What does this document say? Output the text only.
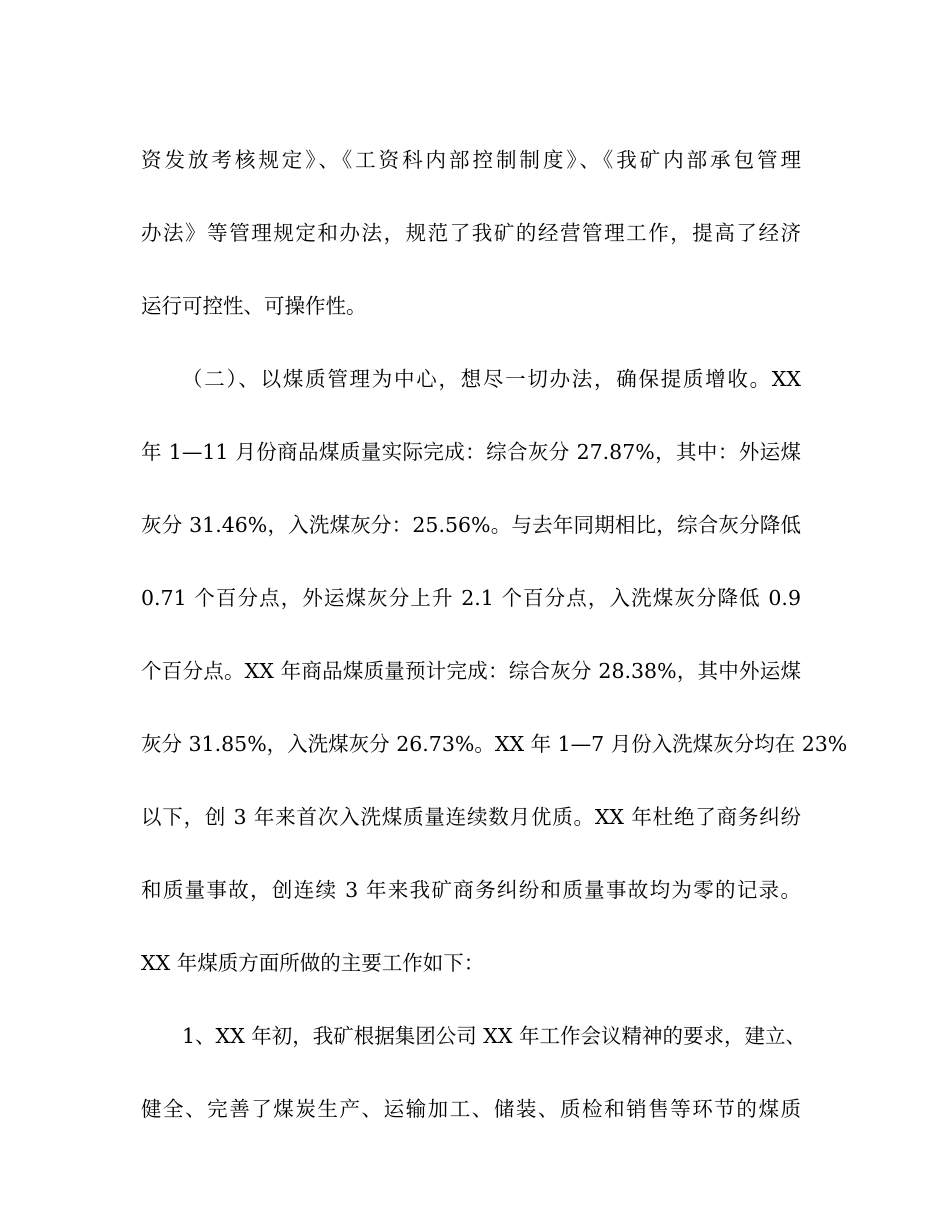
资发放考核规定》、《工资科内部控制制度》、《我矿内部承包管理
办法》等管理规定和办法，规范了我矿的经营管理工作，提高了经济
运行可控性、可操作性。
（二）、以煤质管理为中心，想尽一切办法，确保提质增收。XX
年 1—11 月份商品煤质量实际完成：综合灰分 27.87%，其中：外运煤
灰分 31.46%，入洗煤灰分：25.56%。与去年同期相比，综合灰分降低
0.71 个百分点，外运煤灰分上升 2.1 个百分点，入洗煤灰分降低 0.9
个百分点。XX 年商品煤质量预计完成：综合灰分 28.38%，其中外运煤
灰分 31.85%，入洗煤灰分 26.73%。XX 年 1—7 月份入洗煤灰分均在 23%
以下，创 3 年来首次入洗煤质量连续数月优质。XX 年杜绝了商务纠纷
和质量事故，创连续 3 年来我矿商务纠纷和质量事故均为零的记录。
XX 年煤质方面所做的主要工作如下：
1、XX 年初，我矿根据集团公司 XX 年工作会议精神的要求，建立、
健全、完善了煤炭生产、运输加工、储装、质检和销售等环节的煤质
